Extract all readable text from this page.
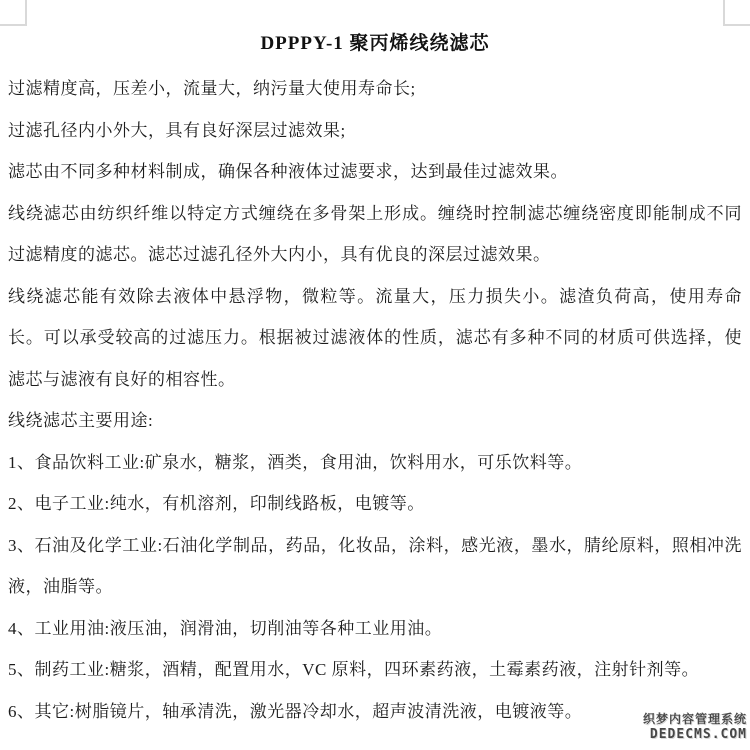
DPPPY-1 聚丙烯线绕滤芯

过滤精度高，压差小，流量大，纳污量大使用寿命长;

过滤孔径内小外大，具有良好深层过滤效果;

滤芯由不同多种材料制成，确保各种液体过滤要求，达到最佳过滤效果。

线绕滤芯由纺织纤维以特定方式缠绕在多骨架上形成。缠绕时控制滤芯缠绕密度即能制成不同过滤精度的滤芯。滤芯过滤孔径外大内小，具有优良的深层过滤效果。

线绕滤芯能有效除去液体中悬浮物，微粒等。流量大，压力损失小。滤渣负荷高，使用寿命长。可以承受较高的过滤压力。根据被过滤液体的性质，滤芯有多种不同的材质可供选择，使滤芯与滤液有良好的相容性。

线绕滤芯主要用途:

1、食品饮料工业:矿泉水，糖浆，酒类，食用油，饮料用水，可乐饮料等。

2、电子工业:纯水，有机溶剂，印制线路板，电镀等。

3、石油及化学工业:石油化学制品，药品，化妆品，涂料，感光液，墨水，腈纶原料，照相冲洗液，油脂等。

4、工业用油:液压油，润滑油，切削油等各种工业用油。

5、制药工业:糖浆，酒精，配置用水，VC 原料，四环素药液，土霉素药液，注射针剂等。

6、其它:树脂镜片，轴承清洗，激光器冷却水，超声波清洗液，电镀液等。	织梦内容管理系统
DEDECMS.COM
